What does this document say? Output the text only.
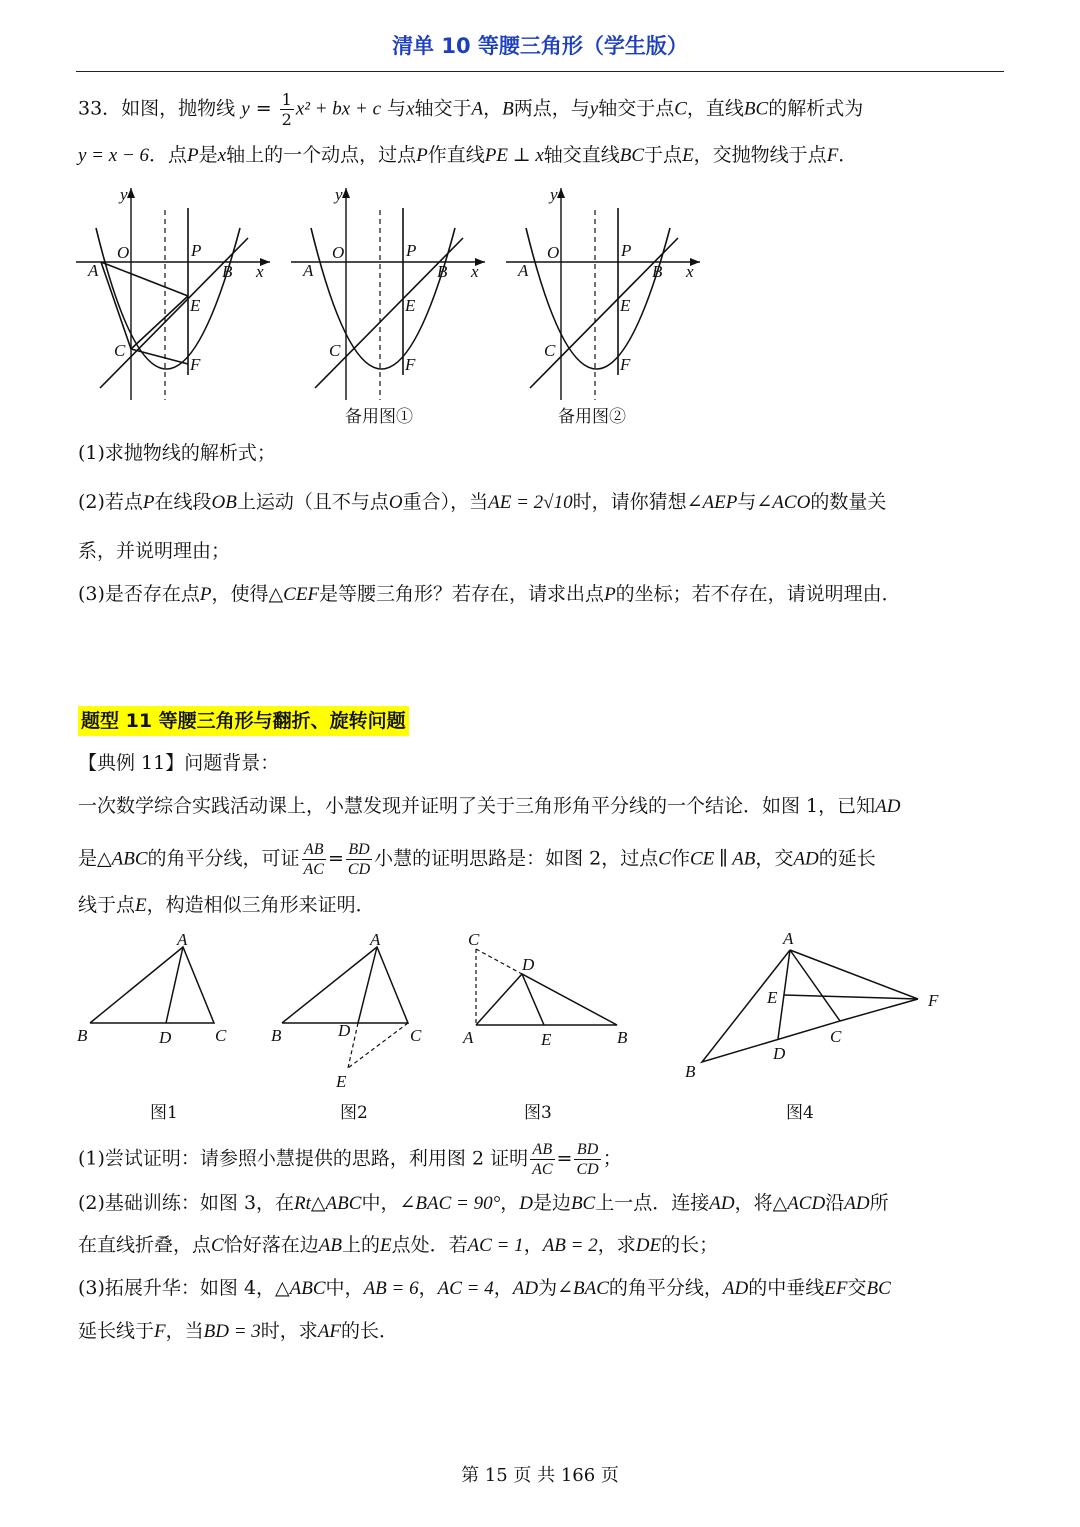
清单 10 等腰三角形（学生版）
33．如图，抛物线 $y = \frac{1}{2} x^2$ + bx + c 与x轴交于A，B两点，与y轴交于点C，直线BC的解析式为
y = x − 6．点P是x轴上的一个动点，过点P作直线PE ⊥ x轴交直线BC于点E，交抛物线于点F．
y
O	P
A	B x
E
C
F
y
O	P
A	B x
E
C
F
y
O	P
A	B x
E
C
F
备用图①	备用图②
(1)求抛物线的解析式；
(2)若点P在线段OB上运动（且不与点O重合），当AE = 2√10时，请你猜想∠AEP与∠ACO的数量关
系，并说明理由；
(3)是否存在点P，使得△CEF是等腰三角形？若存在，请求出点P的坐标；若不存在，请说明理由．
题型 11 等腰三角形与翻折、旋转问题
【典例 11】问题背景：
一次数学综合实践活动课上，小慧发现并证明了关于三角形角平分线的一个结论．如图 1，已知AD
是△ABC的角平分线，可证 $\frac{AB}{AC} = \frac{BD}{CD}$ 小慧的证明思路是：如图 2，过点C作CE ∥ AB，交AD的延长
线于点E，构造相似三角形来证明．
A
B	D	C
A
B	D	C
E
C
D
A	E	B
A
E	F
C
D
B
图1	图2	图3	图4
(1)尝试证明：请参照小慧提供的思路，利用图 2 证明 $\frac{AB}{AC} = \frac{BD}{CD}$ ；
(2)基础训练：如图 3，在Rt△ABC中，∠BAC = 90°，D是边BC上一点．连接AD，将△ACD沿AD所
在直线折叠，点C恰好落在边AB上的E点处．若AC = 1，AB = 2，求DE的长；
(3)拓展升华：如图 4，△ABC中，AB = 6，AC = 4，AD为∠BAC的角平分线，AD的中垂线EF交BC
延长线于F，当BD = 3时，求AF的长．
第 15 页 共 166 页
